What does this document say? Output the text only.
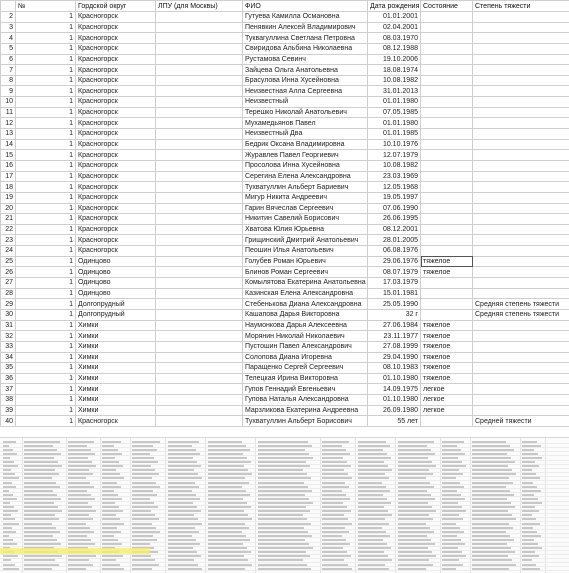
	№	Гордской округ	ЛПУ (для Москвы)	ФИО	Дата рождения	Состояние	Степень тяжести
2	1	Красногорск		Гутуева Камилла Османовна	01.01.2001		
3	1	Красногорск		Пенявкин Алексей Владимирович	02.04.2001		
4	1	Красногорск		Туквагуллина Светлана Петровна	08.03.1970		
5	1	Красногорск		Свиридова Альбина Николаевна	08.12.1988		
6	1	Красногорск		Рустамова Севинч	19.10.2006		
7	1	Красногорск		Зайцева Ольга Анатольевна	18.08.1974		
8	1	Красногорск		Брасулова Инна Хусейновна	10.08.1982		
9	1	Красногорск		Неизвестная Алла Сергеевна	31.01.2013		
10	1	Красногорск		Неизвестный	01.01.1980		
11	1	Красногорск		Терешко Николай Анатольевич	07.05.1985		
12	1	Красногорск		Мухамедьянов Павел	01.01.1980		
13	1	Красногорск		Неизвестный Два	01.01.1985		
14	1	Красногорск		Бедрик Оксана Владимировна	10.10.1976		
15	1	Красногорск		Журавлев Павел Георгиевич	12.07.1979		
16	1	Красногорск		Просолова Инна Хусейновна	10.08.1982		
17	1	Красногорск		Серегина Елена Александровна	23.03.1969		
18	1	Красногорск		Тухватуллин Альберт Бариевич	12.05.1968		
19	1	Красногорск		Мигур Никита Андреевич	19.05.1997		
20	1	Красногорск		Гарин Вячеслав Сергеевич	07.06.1990		
21	1	Красногорск		Никитин Савелий Борисович	26.06.1995		
22	1	Красногорск		Хватова Юлия Юрьевна	08.12.2001		
23	1	Красногорск		Грищинский Дмитрий Анатольевич	28.01.2005		
24	1	Красногорск		Пеошин Илья Анатольевич	06.08.1976		
25	1	Одинцово		Голубев Роман Юрьевич	29.06.1976	тяжелое	
26	1	Одинцово		Блинов Роман Сергеевич	08.07.1979	тяжелое	
27	1	Одинцово		Комылятова Екатерина Анатольевна	17.03.1979		
28	1	Одинцово		Казинская Елена Александровна	15.01.1981		
29	1	Долгопрудный		Стебенькова Диана Александровна	25.05.1990		Средняя степень тяжести
30	1	Долгопрудный		Кашапова Дарья Викторовна	32 г		Средняя степень тяжести
31	1	Химки		Наумонкова Дарья Алексеевна	27.06.1984	тяжелое	
32	1	Химки		Морянин Николай Николаевич	23.11.1977	тяжелое	
33	1	Химки		Пустошин Павел Александрович	27.08.1999	тяжелое	
34	1	Химки		Солопова Диана Игоревна	29.04.1990	тяжелое	
35	1	Химки		Паращенко Сергей Сергеевич	08.10.1983	тяжелое	
36	1	Химки		Телецкая Ирина Викторовна	01.10.1980	тяжелое	
37	1	Химки		Гупов Геннадий Евгеньевич	14.09.1975	легкое	
38	1	Химки		Гупова Наталья Александровна	01.10.1980	легкое	
39	1	Химки		Марзликова Екатерина Андреевна	26.09.1980	легкое	
40	1	Красногорск		Тухватуллин Альберт Борисович	55 лет		Средней тяжести
